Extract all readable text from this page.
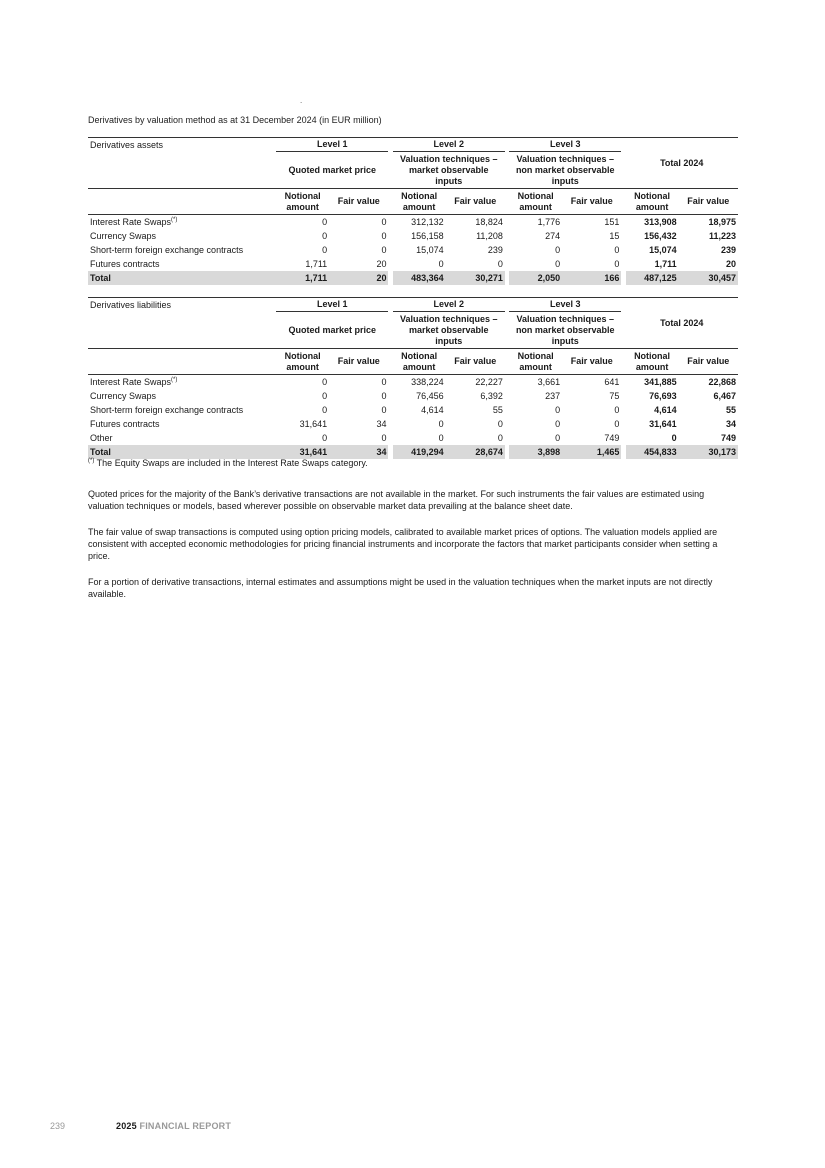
.
Derivatives by valuation method as at 31 December 2024 (in EUR million)
Derivatives assets	Level 1			Level 2			Level 3			Total 2024	
	Quoted market price			Valuation techniques – market observable inputs			Valuation techniques – non market observable inputs				
	Notional amount	Fair value		Notional amount	Fair value		Notional amount	Fair value		Notional amount	Fair value
Interest Rate Swaps(*)	0	0		312,132	18,824		1,776	151		313,908	18,975
Currency Swaps	0	0		156,158	11,208		274	15		156,432	11,223
Short-term foreign exchange contracts	0	0		15,074	239		0	0		15,074	239
Futures contracts	1,711	20		0	0		0	0		1,711	20
Total	1,711	20		483,364	30,271		2,050	166		487,125	30,457
Derivatives liabilities	Level 1			Level 2			Level 3			Total 2024	
	Quoted market price			Valuation techniques – market observable inputs			Valuation techniques – non market observable inputs				
	Notional amount	Fair value		Notional amount	Fair value		Notional amount	Fair value		Notional amount	Fair value
Interest Rate Swaps(*)	0	0		338,224	22,227		3,661	641		341,885	22,868
Currency Swaps	0	0		76,456	6,392		237	75		76,693	6,467
Short-term foreign exchange contracts	0	0		4,614	55		0	0		4,614	55
Futures contracts	31,641	34		0	0		0	0		31,641	34
Other	0	0		0	0		0	749		0	749
Total	31,641	34		419,294	28,674		3,898	1,465		454,833	30,173
(*) The Equity Swaps are included in the Interest Rate Swaps category.

Quoted prices for the majority of the Bank’s derivative transactions are not available in the market. For such instruments the fair values are estimated using valuation techniques or models, based wherever possible on observable market data prevailing at the balance sheet date.

The fair value of swap transactions is computed using option pricing models, calibrated to available market prices of options. The valuation models applied are consistent with accepted economic methodologies for pricing financial instruments and incorporate the factors that market participants consider when setting a price.

For a portion of derivative transactions, internal estimates and assumptions might be used in the valuation techniques when the market inputs are not directly available.

239	2025 FINANCIAL REPORT
